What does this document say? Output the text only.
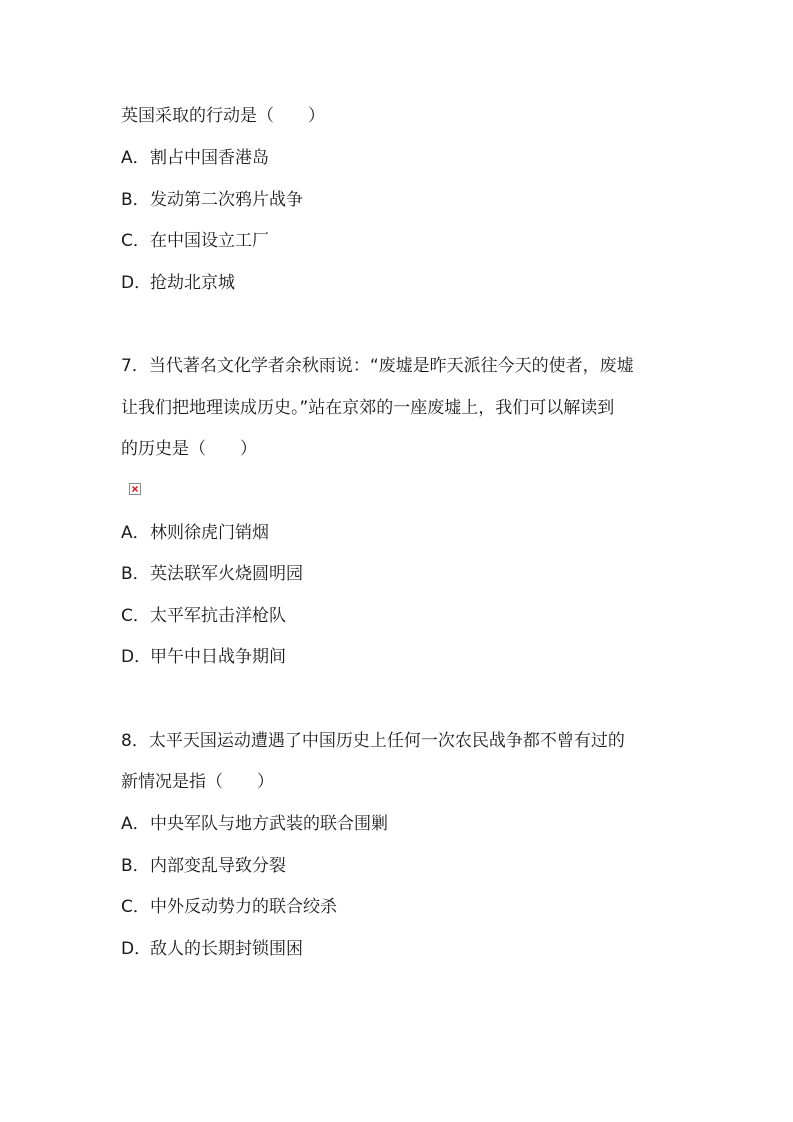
英国采取的行动是（　　）
A．割占中国香港岛
B．发动第二次鸦片战争
C．在中国设立工厂
D．抢劫北京城
7．当代著名文化学者余秋雨说：“废墟是昨天派往今天的使者，废墟
让我们把地理读成历史。”站在京郊的一座废墟上，我们可以解读到
的历史是（　　）
A．林则徐虎门销烟
B．英法联军火烧圆明园
C．太平军抗击洋枪队
D．甲午中日战争期间
8．太平天国运动遭遇了中国历史上任何一次农民战争都不曾有过的
新情况是指（　　）
A．中央军队与地方武装的联合围剿
B．内部变乱导致分裂
C．中外反动势力的联合绞杀
D．敌人的长期封锁围困
